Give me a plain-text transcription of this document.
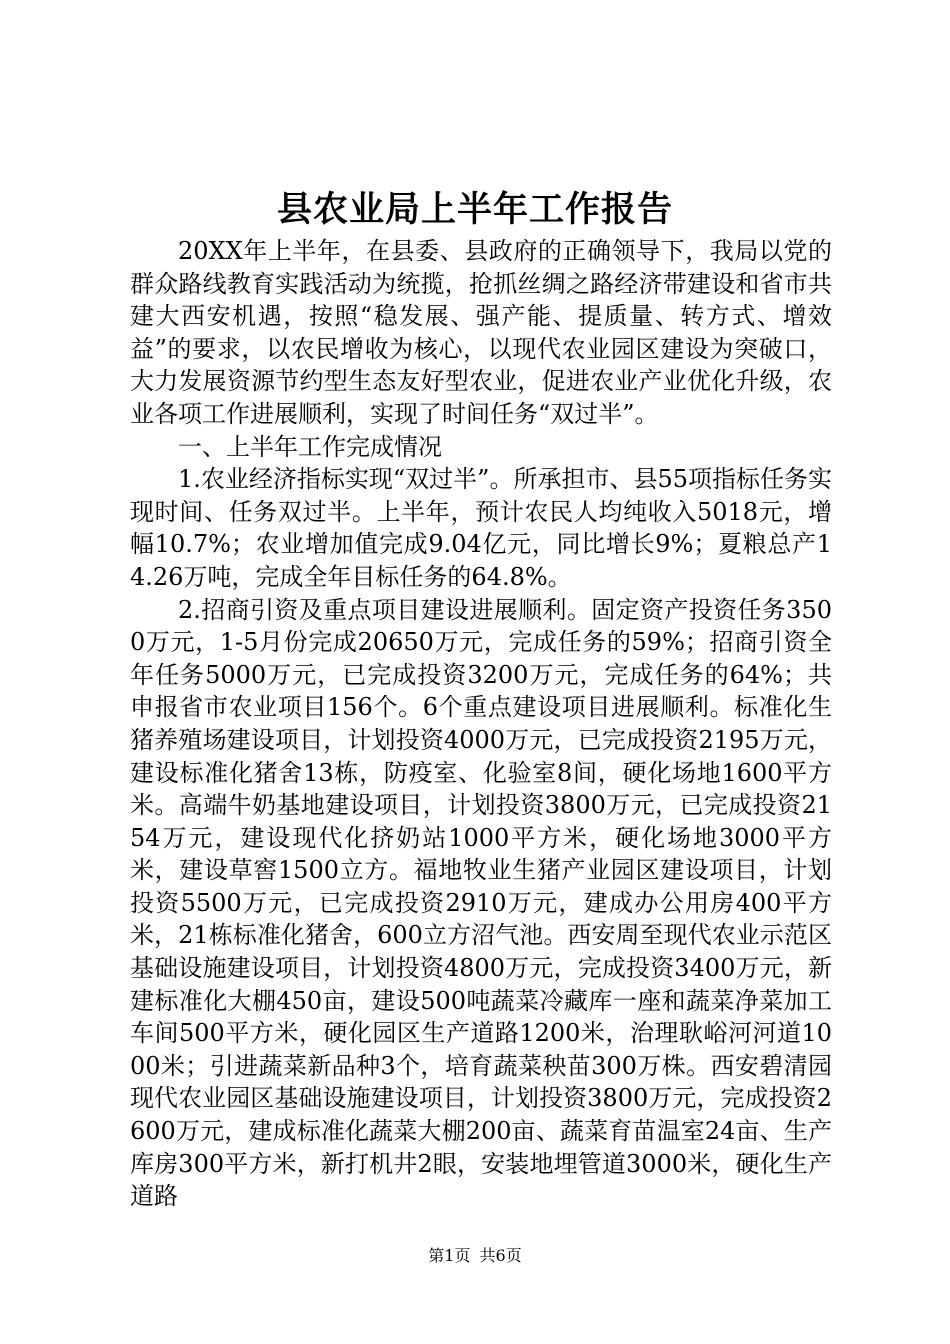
县农业局上半年工作报告

20XX年上半年，在县委、县政府的正确领导下，我局以党的群众路线教育实践活动为统揽，抢抓丝绸之路经济带建设和省市共建大西安机遇，按照“稳发展、强产能、提质量、转方式、增效益”的要求，以农民增收为核心，以现代农业园区建设为突破口，大力发展资源节约型生态友好型农业，促进农业产业优化升级，农业各项工作进展顺利，实现了时间任务“双过半”。

一、上半年工作完成情况

1.农业经济指标实现“双过半”。所承担市、县55项指标任务实现时间、任务双过半。上半年，预计农民人均纯收入5018元，增幅10.7%；农业增加值完成9.04亿元，同比增长9%；夏粮总产14.26万吨，完成全年目标任务的64.8%。

2.招商引资及重点项目建设进展顺利。固定资产投资任务3500万元，1-5月份完成20650万元，完成任务的59%；招商引资全年任务5000万元，已完成投资3200万元，完成任务的64%；共申报省市农业项目156个。6个重点建设项目进展顺利。标准化生猪养殖场建设项目，计划投资4000万元，已完成投资2195万元，建设标准化猪舍13栋，防疫室、化验室8间，硬化场地1600平方米。高端牛奶基地建设项目，计划投资3800万元，已完成投资2154万元，建设现代化挤奶站1000平方米，硬化场地3000平方米，建设草窖1500立方。福地牧业生猪产业园区建设项目，计划投资5500万元，已完成投资2910万元，建成办公用房400平方米，21栋标准化猪舍，600立方沼气池。西安周至现代农业示范区基础设施建设项目，计划投资4800万元，完成投资3400万元，新建标准化大棚450亩，建设500吨蔬菜冷藏库一座和蔬菜净菜加工车间500平方米，硬化园区生产道路1200米，治理耿峪河河道1000米；引进蔬菜新品种3个，培育蔬菜秧苗300万株。西安碧清园现代农业园区基础设施建设项目，计划投资3800万元，完成投资2600万元，建成标准化蔬菜大棚200亩、蔬菜育苗温室24亩、生产库房300平方米，新打机井2眼，安装地埋管道3000米，硬化生产道路

第1页 共6页
